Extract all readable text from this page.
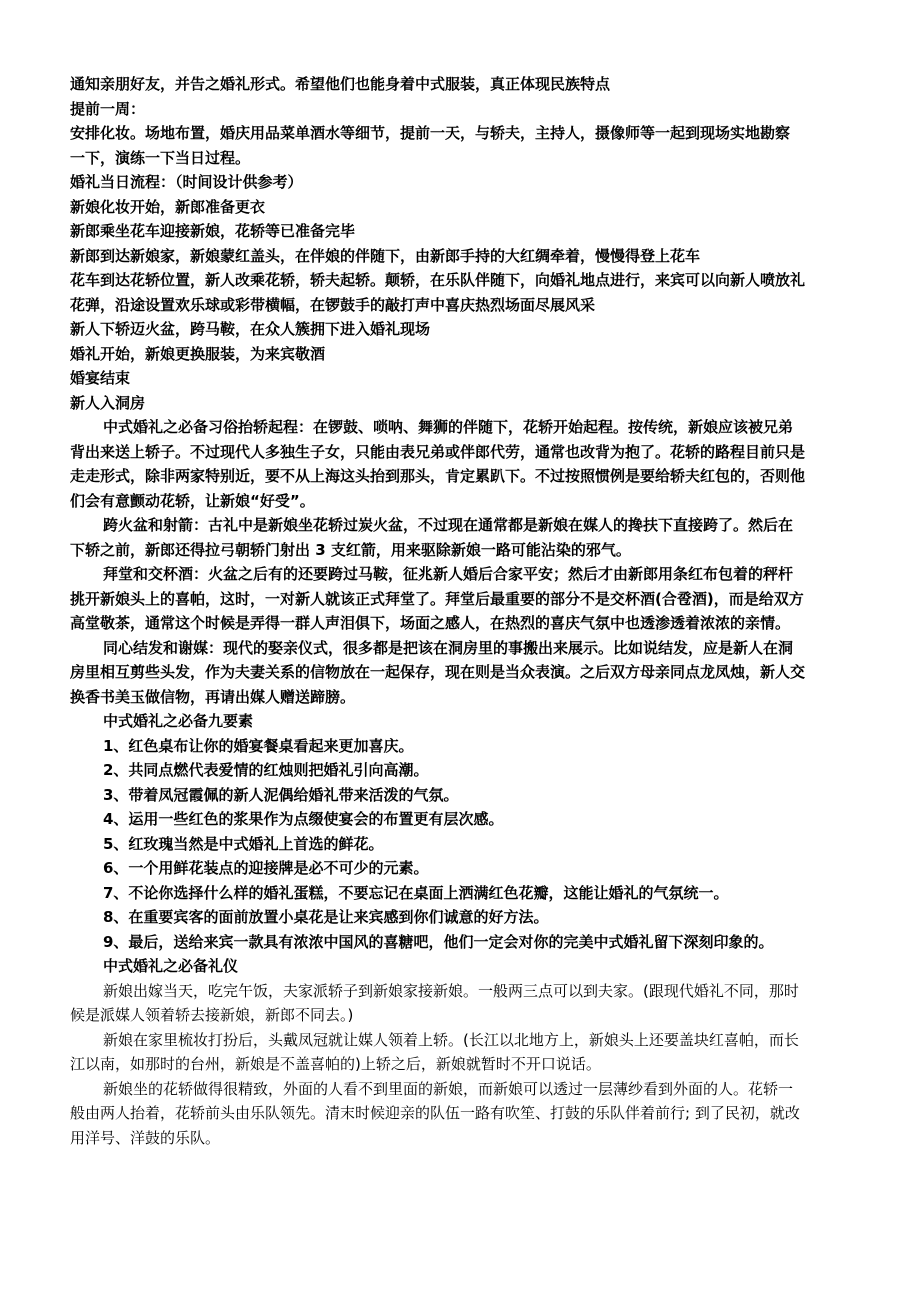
通知亲朋好友，并告之婚礼形式。希望他们也能身着中式服装，真正体现民族特点
提前一周：
安排化妆。场地布置，婚庆用品菜单酒水等细节，提前一天，与轿夫，主持人，摄像师等一起到现场实地勘察
一下，演练一下当日过程。
婚礼当日流程：（时间设计供参考）
新娘化妆开始，新郎准备更衣
新郎乘坐花车迎接新娘，花轿等已准备完毕
新郎到达新娘家，新娘蒙红盖头，在伴娘的伴随下，由新郎手持的大红绸牵着，慢慢得登上花车
花车到达花轿位置，新人改乘花轿，轿夫起轿。颠轿，在乐队伴随下，向婚礼地点进行，来宾可以向新人喷放礼
花弹，沿途设置欢乐球或彩带横幅，在锣鼓手的敲打声中喜庆热烈场面尽展风采
新人下轿迈火盆，跨马鞍，在众人簇拥下进入婚礼现场
婚礼开始，新娘更换服装，为来宾敬酒
婚宴结束
新人入洞房
中式婚礼之必备习俗抬轿起程：在锣鼓、唢呐、舞狮的伴随下，花轿开始起程。按传统，新娘应该被兄弟
背出来送上轿子。不过现代人多独生子女，只能由表兄弟或伴郎代劳，通常也改背为抱了。花轿的路程目前只是
走走形式，除非两家特别近，要不从上海这头抬到那头，肯定累趴下。不过按照惯例是要给轿夫红包的，否则他
们会有意颤动花轿，让新娘“好受”。
跨火盆和射箭：古礼中是新娘坐花轿过炭火盆，不过现在通常都是新娘在媒人的搀扶下直接跨了。然后在
下轿之前，新郎还得拉弓朝轿门射出 3 支红箭，用来驱除新娘一路可能沾染的邪气。
拜堂和交杯酒：火盆之后有的还要跨过马鞍，征兆新人婚后合家平安；然后才由新郎用条红布包着的秤杆
挑开新娘头上的喜帕，这时，一对新人就该正式拜堂了。拜堂后最重要的部分不是交杯酒(合卺酒)，而是给双方
高堂敬茶，通常这个时候是弄得一群人声泪俱下，场面之感人，在热烈的喜庆气氛中也透渗透着浓浓的亲情。
同心结发和谢媒：现代的娶亲仪式，很多都是把该在洞房里的事搬出来展示。比如说结发，应是新人在洞
房里相互剪些头发，作为夫妻关系的信物放在一起保存，现在则是当众表演。之后双方母亲同点龙凤烛，新人交
换香书美玉做信物，再请出媒人赠送蹄膀。
中式婚礼之必备九要素
1、红色桌布让你的婚宴餐桌看起来更加喜庆。
2、共同点燃代表爱情的红烛则把婚礼引向高潮。
3、带着凤冠霞佩的新人泥偶给婚礼带来活泼的气氛。
4、运用一些红色的浆果作为点缀使宴会的布置更有层次感。
5、红玫瑰当然是中式婚礼上首选的鲜花。
6、一个用鲜花装点的迎接牌是必不可少的元素。
7、不论你选择什么样的婚礼蛋糕，不要忘记在桌面上洒满红色花瓣，这能让婚礼的气氛统一。
8、在重要宾客的面前放置小桌花是让来宾感到你们诚意的好方法。
9、最后，送给来宾一款具有浓浓中国风的喜糖吧，他们一定会对你的完美中式婚礼留下深刻印象的。
中式婚礼之必备礼仪
新娘出嫁当天，吃完午饭，夫家派轿子到新娘家接新娘。一般两三点可以到夫家。(跟现代婚礼不同，那时
候是派媒人领着轿去接新娘，新郎不同去。)
新娘在家里梳妆打扮后，头戴凤冠就让媒人领着上轿。(长江以北地方上，新娘头上还要盖块红喜帕，而长
江以南，如那时的台州，新娘是不盖喜帕的)上轿之后，新娘就暂时不开口说话。
新娘坐的花轿做得很精致，外面的人看不到里面的新娘，而新娘可以透过一层薄纱看到外面的人。花轿一
般由两人抬着，花轿前头由乐队领先。清末时候迎亲的队伍一路有吹笙、打鼓的乐队伴着前行; 到了民初，就改
用洋号、洋鼓的乐队。
